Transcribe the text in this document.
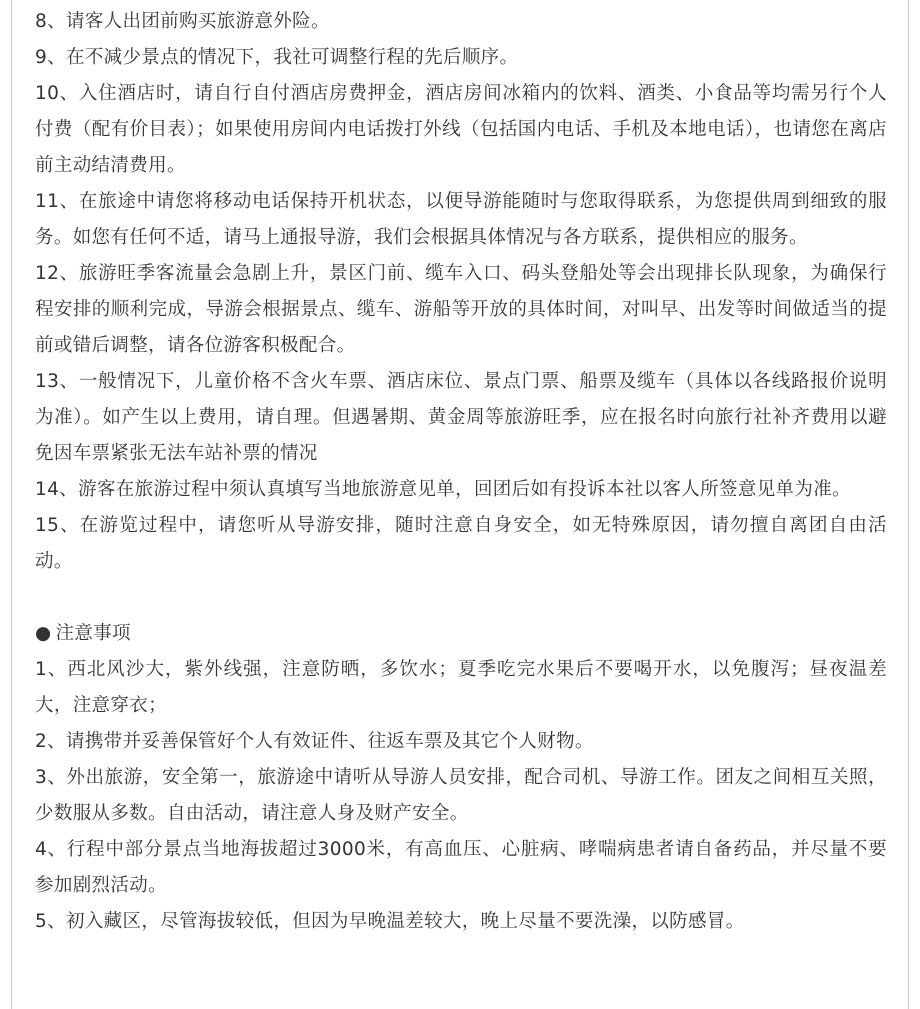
8、请客人出团前购买旅游意外险。

9、在不减少景点的情况下，我社可调整行程的先后顺序。

10、入住酒店时，请自行自付酒店房费押金，酒店房间冰箱内的饮料、酒类、小食品等均需另行个人付费（配有价目表）；如果使用房间内电话拨打外线（包括国内电话、手机及本地电话），也请您在离店前主动结清费用。

11、在旅途中请您将移动电话保持开机状态，以便导游能随时与您取得联系，为您提供周到细致的服务。如您有任何不适，请马上通报导游，我们会根据具体情况与各方联系，提供相应的服务。

12、旅游旺季客流量会急剧上升，景区门前、缆车入口、码头登船处等会出现排长队现象，为确保行程安排的顺利完成，导游会根据景点、缆车、游船等开放的具体时间，对叫早、出发等时间做适当的提前或错后调整，请各位游客积极配合。

13、一般情况下，儿童价格不含火车票、酒店床位、景点门票、船票及缆车（具体以各线路报价说明为准）。如产生以上费用，请自理。但遇暑期、黄金周等旅游旺季，应在报名时向旅行社补齐费用以避免因车票紧张无法车站补票的情况

14、游客在旅游过程中须认真填写当地旅游意见单，回团后如有投诉本社以客人所签意见单为准。

15、在游览过程中，请您听从导游安排，随时注意自身安全，如无特殊原因，请勿擅自离团自由活动。

● 注意事项

1、西北风沙大，紫外线强，注意防晒，多饮水；夏季吃完水果后不要喝开水，以免腹泻；昼夜温差大，注意穿衣；

2、请携带并妥善保管好个人有效证件、往返车票及其它个人财物。

3、外出旅游，安全第一，旅游途中请听从导游人员安排，配合司机、导游工作。团友之间相互关照，少数服从多数。自由活动，请注意人身及财产安全。

4、行程中部分景点当地海拔超过3000米，有高血压、心脏病、哮喘病患者请自备药品，并尽量不要参加剧烈活动。

5、初入藏区，尽管海拔较低，但因为早晚温差较大，晚上尽量不要洗澡，以防感冒。
